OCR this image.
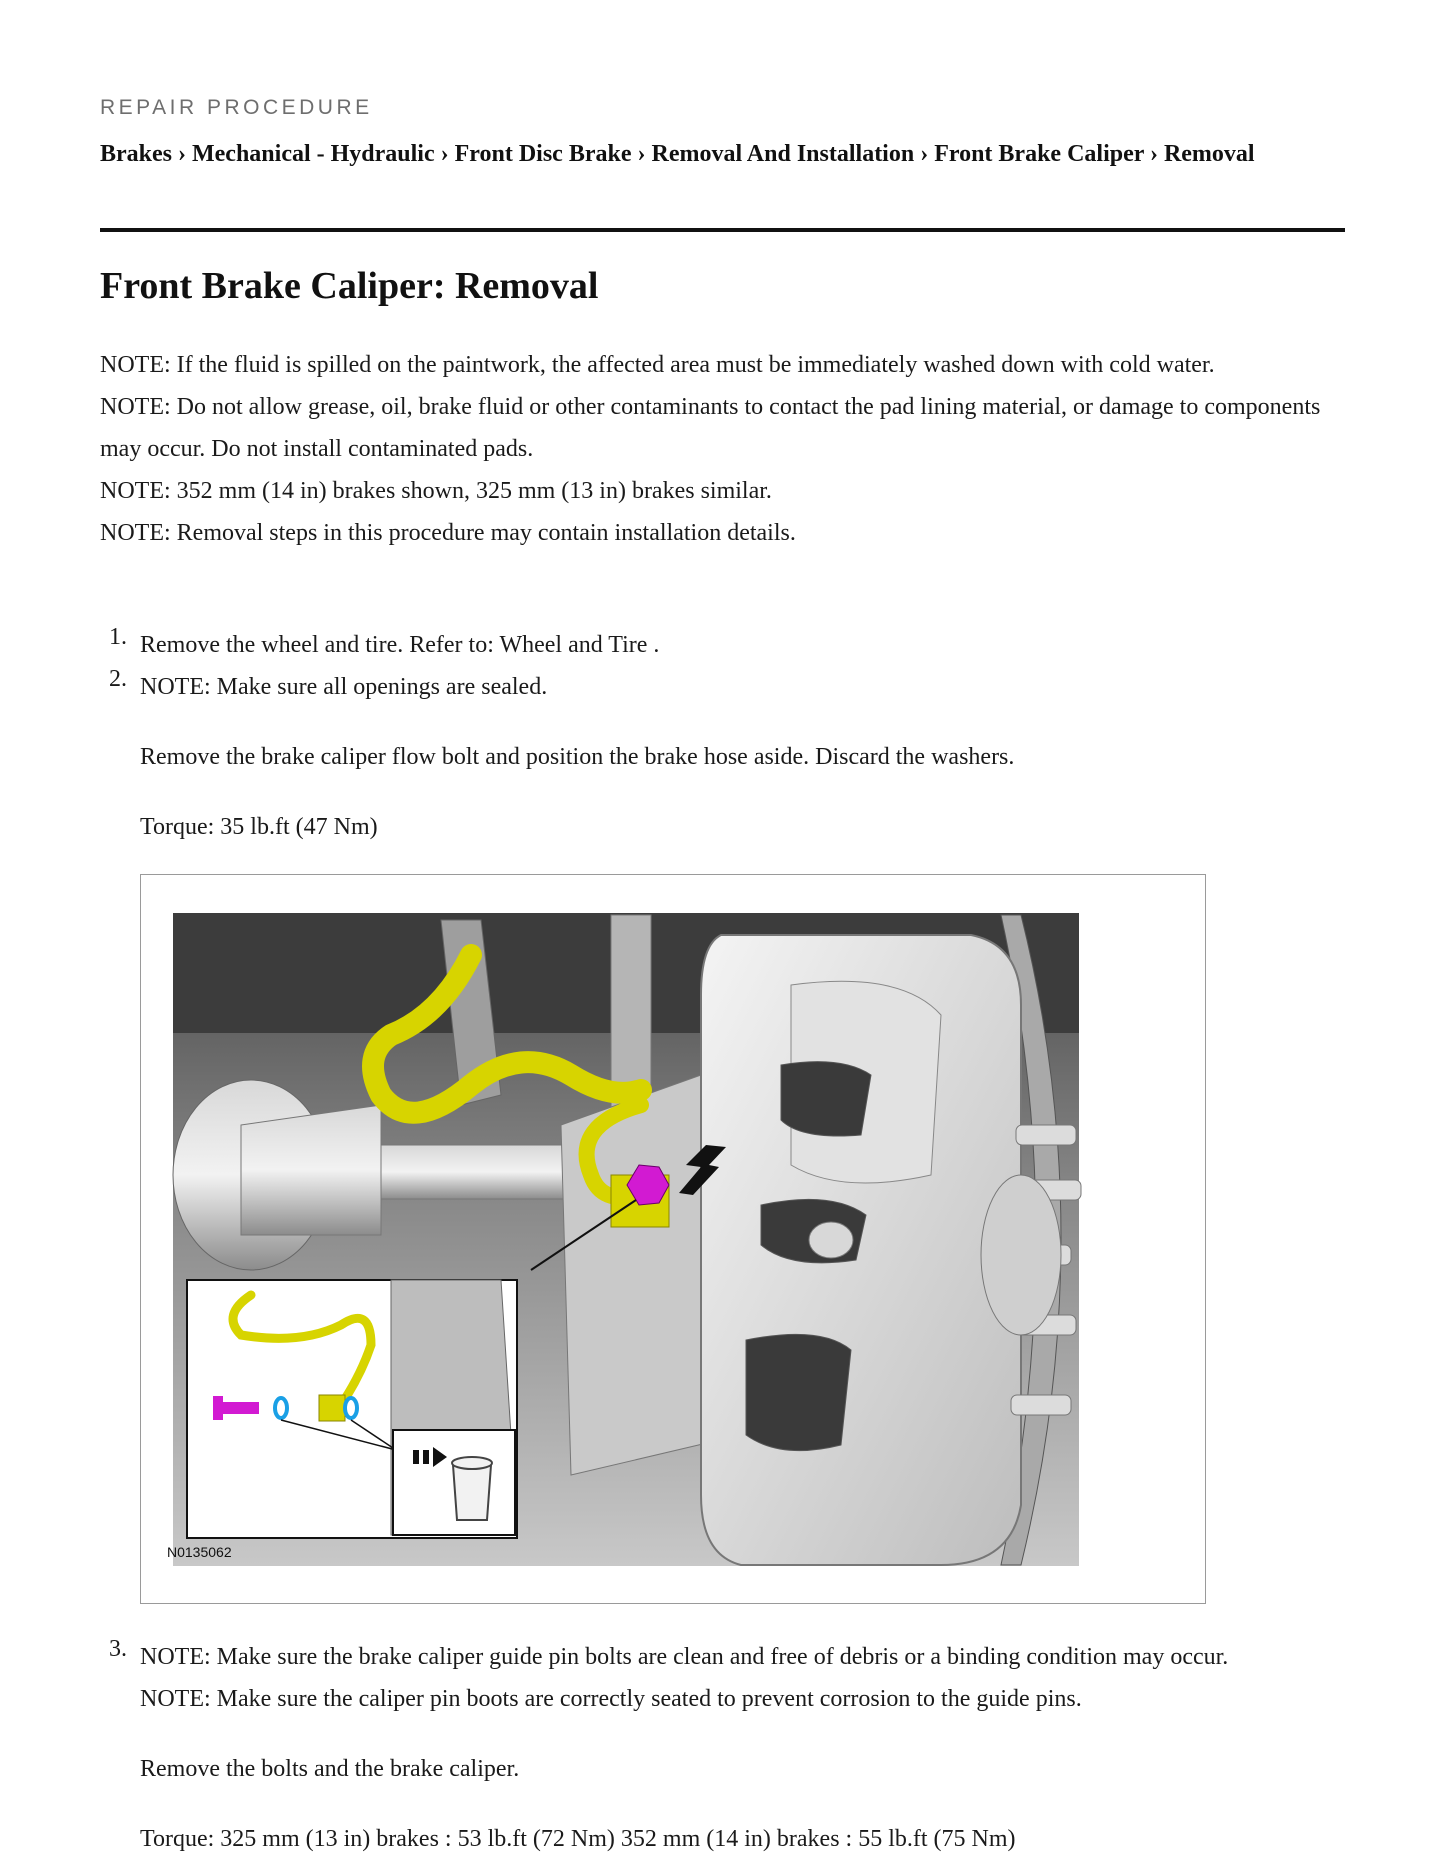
REPAIR PROCEDURE
Brakes › Mechanical - Hydraulic › Front Disc Brake › Removal And Installation › Front Brake Caliper › Removal
Front Brake Caliper: Removal

NOTE: If the fluid is spilled on the paintwork, the affected area must be immediately washed down with cold water.

NOTE: Do not allow grease, oil, brake fluid or other contaminants to contact the pad lining material, or damage to components may occur. Do not install contaminated pads.

NOTE: 352 mm (14 in) brakes shown, 325 mm (13 in) brakes similar.

NOTE: Removal steps in this procedure may contain installation details.

1. Remove the wheel and tire. Refer to: Wheel and Tire .

2. NOTE: Make sure all openings are sealed.

Remove the brake caliper flow bolt and position the brake hose aside. Discard the washers.

Torque: 35 lb.ft (47 Nm)

3. NOTE: Make sure the brake caliper guide pin bolts are clean and free of debris or a binding condition may occur.

NOTE: Make sure the caliper pin boots are correctly seated to prevent corrosion to the guide pins.

Remove the bolts and the brake caliper.

Torque: 325 mm (13 in) brakes : 53 lb.ft (72 Nm) 352 mm (14 in) brakes : 55 lb.ft (75 Nm)

N0135062
